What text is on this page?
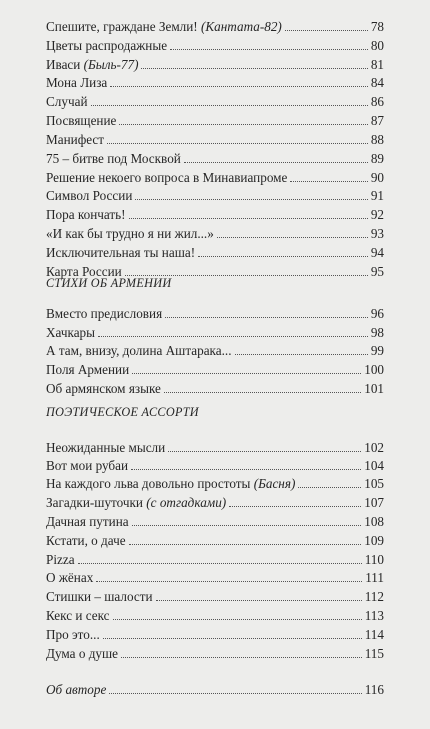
Спешите, граждане Земли! (Кантата-82)	78
Цветы распродажные	80
Иваси (Быль-77)	81
Мона Лиза	84
Случай	86
Посвящение	87
Манифест	88
75 – битве под Москвой	89
Решение некоего вопроса в Минавиапроме	90
Символ России	91
Пора кончать!	92
«И как бы трудно я ни жил...»	93
Исключительная ты наша!	94
Карта России	95
СТИХИ ОБ АРМЕНИИ
Вместо предисловия	96
Хачкары	98
А там, внизу, долина Аштарака...	99
Поля Армении	100
Об армянском языке	101
ПОЭТИЧЕСКОЕ АССОРТИ
Неожиданные мысли	102
Вот мои рубаи	104
На каждого льва довольно простоты (Басня)	105
Загадки-шуточки (с отгадками)	107
Дачная путина	108
Кстати, о даче	109
Pizza	110
О жёнах	111
Стишки – шалости	112
Кекс и секс	113
Про это...	114
Дума о душе	115
Об авторе	116
